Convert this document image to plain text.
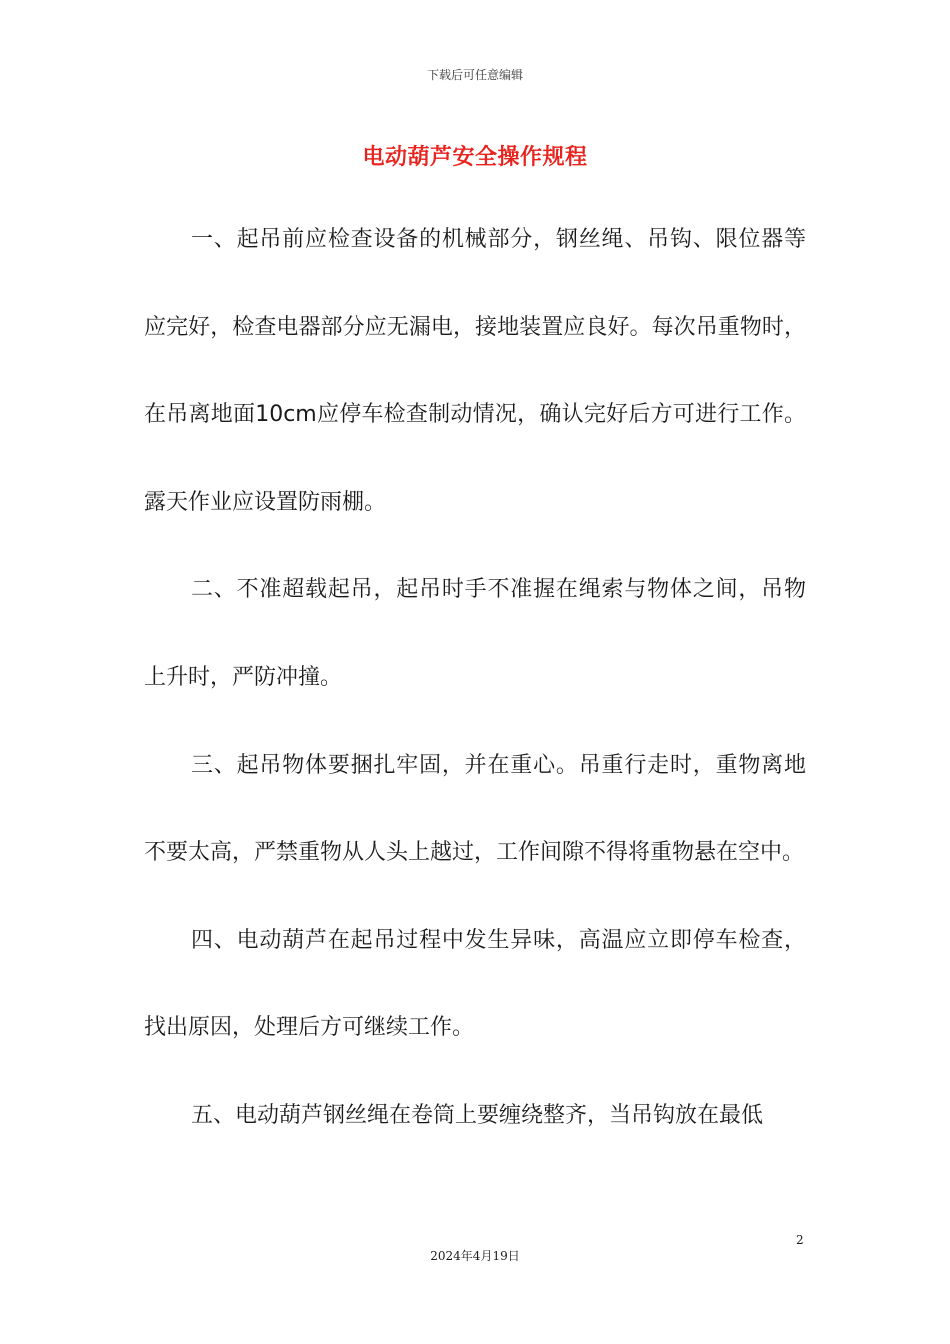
下载后可任意编辑
电动葫芦安全操作规程

一、起吊前应检查设备的机械部分，钢丝绳、吊钩、限位器等应完好，检查电器部分应无漏电，接地装置应良好。每次吊重物时，在吊离地面10cm应停车检查制动情况，确认完好后方可进行工作。露天作业应设置防雨棚。

二、不准超载起吊，起吊时手不准握在绳索与物体之间，吊物上升时，严防冲撞。

三、起吊物体要捆扎牢固，并在重心。吊重行走时，重物离地不要太高，严禁重物从人头上越过，工作间隙不得将重物悬在空中。

四、电动葫芦在起吊过程中发生异味，高温应立即停车检查，找出原因，处理后方可继续工作。

五、电动葫芦钢丝绳在卷筒上要缠绕整齐，当吊钩放在最低

2
2024年4月19日
